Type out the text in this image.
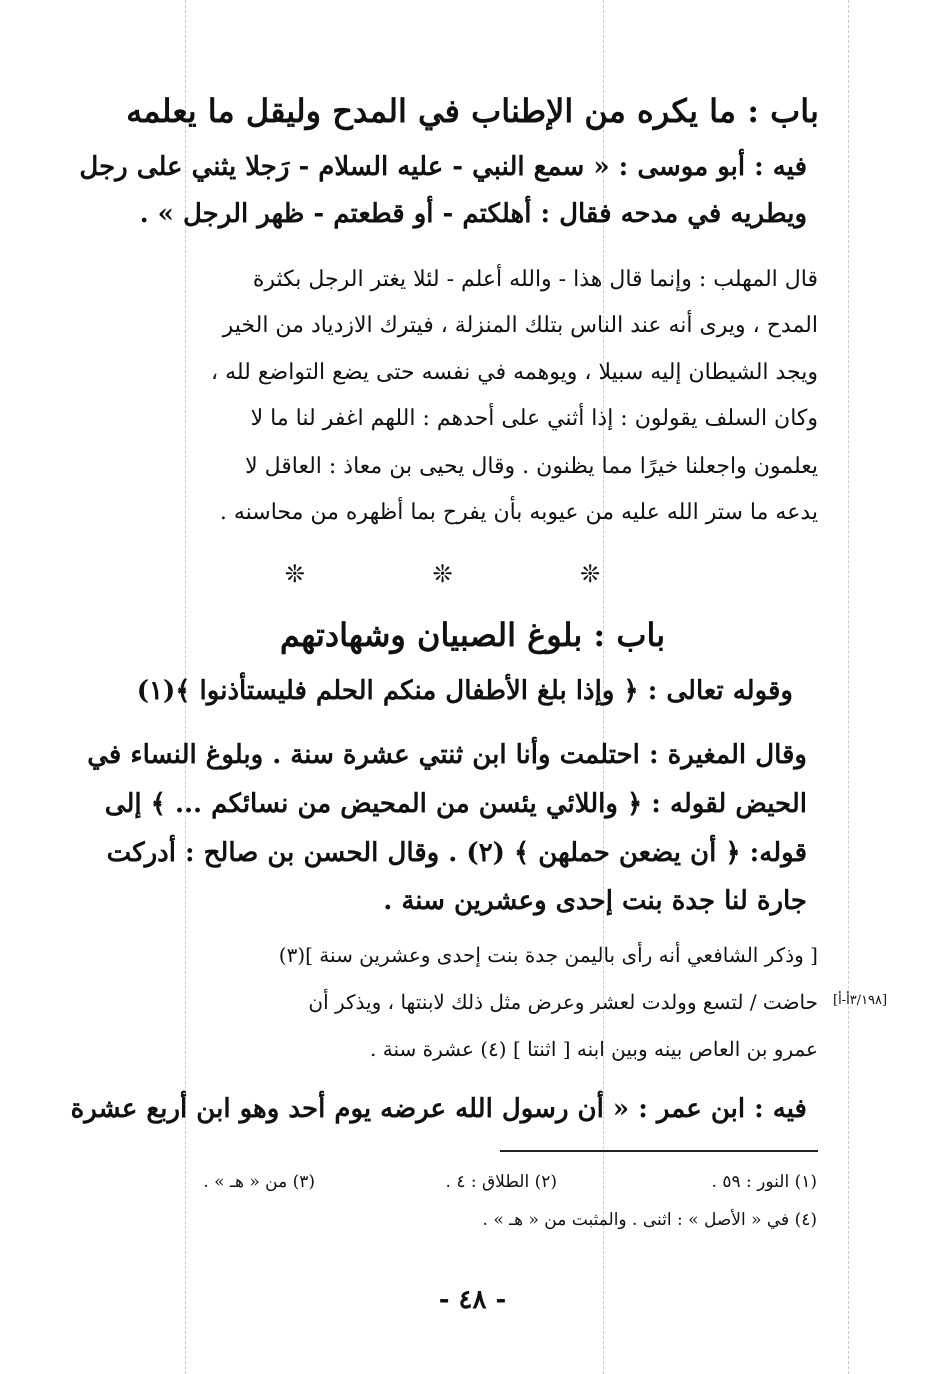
باب : ما يكره من الإطناب في المدح وليقل ما يعلمه
فيه : أبو موسى : « سمع النبي - عليه السلام - رَجلا يثني على رجل
ويطريه في مدحه فقال : أهلكتم - أو قطعتم - ظهر الرجل » .
قال المهلب : وإنما قال هذا - والله أعلم - لئلا يغتر الرجل بكثرة
المدح ، ويرى أنه عند الناس بتلك المنزلة ، فيترك الازدياد من الخير
ويجد الشيطان إليه سبيلا ، ويوهمه في نفسه حتى يضع التواضع لله ،
وكان السلف يقولون : إذا أثني على أحدهم : اللهم اغفر لنا ما لا
يعلمون واجعلنا خيرًا مما يظنون . وقال يحيى بن معاذ : العاقل لا
يدعه ما ستر الله عليه من عيوبه بأن يفرح بما أظهره من محاسنه .
❊ ❊ ❊
باب : بلوغ الصبيان وشهادتهم
وقوله تعالى : ﴿ وإذا بلغ الأطفال منكم الحلم فليستأذنوا ﴾(١)
وقال المغيرة : احتلمت وأنا ابن ثنتي عشرة سنة . وبلوغ النساء في
الحيض لقوله : ﴿ واللائي يئسن من المحيض من نسائكم ... ﴾ إلى
قوله: ﴿ أن يضعن حملهن ﴾ (٢) . وقال الحسن بن صالح : أدركت
جارة لنا جدة بنت إحدى وعشرين سنة .
[ وذكر الشافعي أنه رأى باليمن جدة بنت إحدى وعشرين سنة ](٣)
حاضت / لتسع وولدت لعشر وعرض مثل ذلك لابنتها ، ويذكر أن
عمرو بن العاص بينه وبين ابنه [ اثنتا ] (٤) عشرة سنة .
[٣/١٩٨أ-أ]
فيه : ابن عمر : « أن رسول الله عرضه يوم أحد وهو ابن أربع عشرة
(١) النور : ٥٩ .
(٢) الطلاق : ٤ .
(٣) من « هـ » .
(٤) في « الأصل » : اثنى . والمثبت من « هـ » .
- ٤٨ -
